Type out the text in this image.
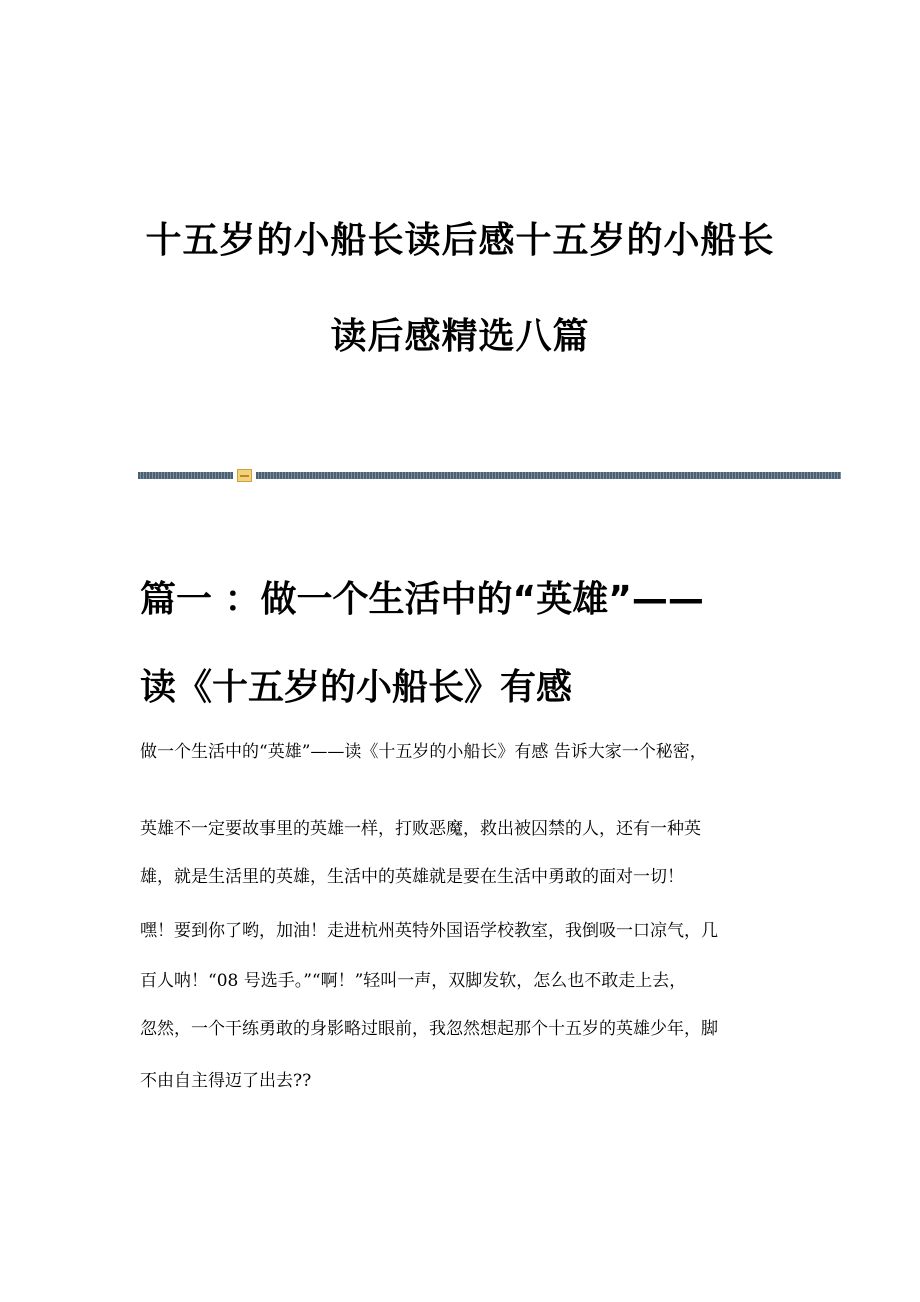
十五岁的小船长读后感十五岁的小船长
读后感精选八篇
篇一 ：做一个生活中的“英雄”——
读《十五岁的小船长》有感
做一个生活中的“英雄”——读《十五岁的小船长》有感 告诉大家一个秘密，
英雄不一定要故事里的英雄一样，打败恶魔，救出被囚禁的人，还有一种英
雄，就是生活里的英雄，生活中的英雄就是要在生活中勇敢的面对一切！
嘿！要到你了哟，加油！走进杭州英特外国语学校教室，我倒吸一口凉气，几
百人呐！“08 号选手。”“啊！”轻叫一声，双脚发软，怎么也不敢走上去，
忽然，一个干练勇敢的身影略过眼前，我忽然想起那个十五岁的英雄少年，脚
不由自主得迈了出去??
